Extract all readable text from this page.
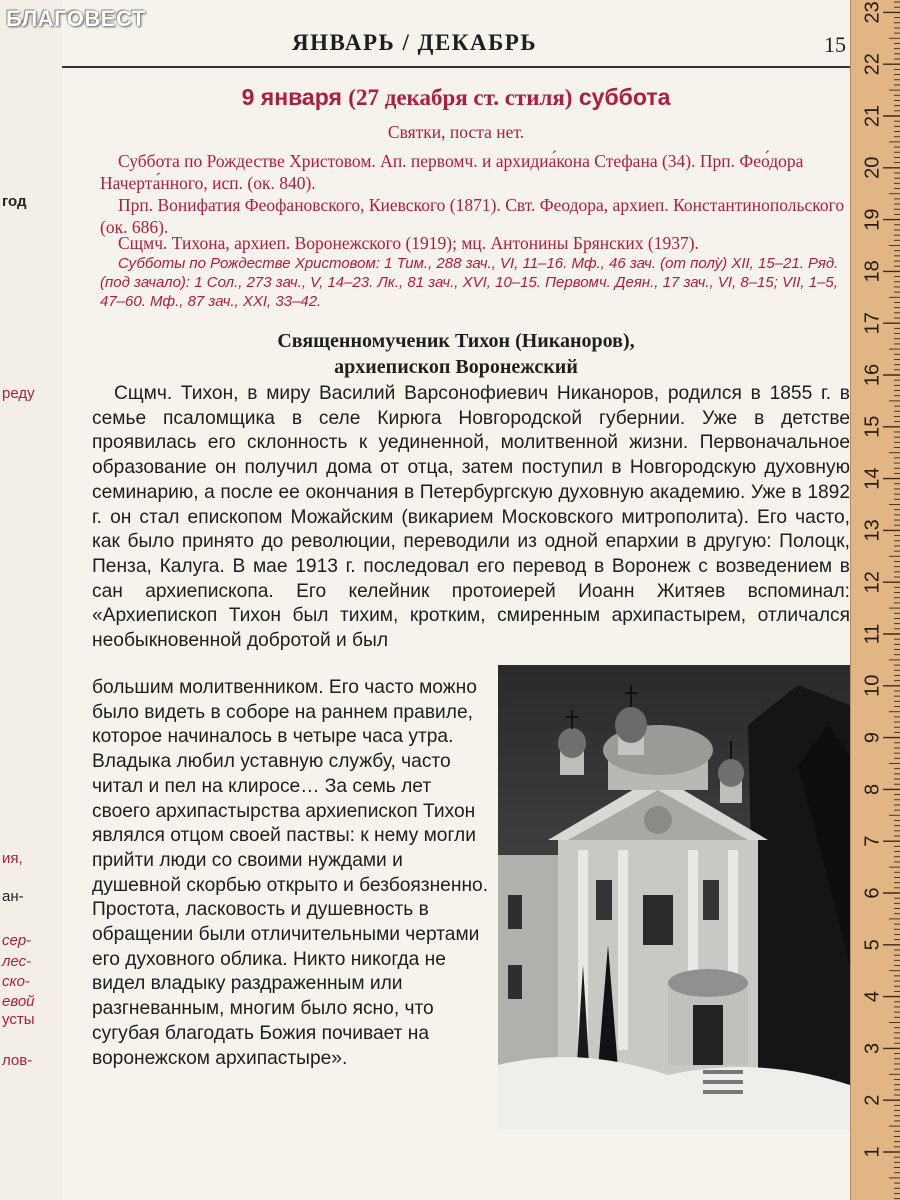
год
реду
ия,
ан-
сер-
лес-
ско-
евой
усты
лов-
ЯНВАРЬ / ДЕКАБРЬ	15
9 января (27 декабря ст. стиля) суббота
Святки, поста нет.
Суббота по Рождестве Христовом. Ап. первомч. и архидиа́кона Стефана (34). Прп. Фео́дора Начерта́нного, исп. (ок. 840).
Прп. Вонифатия Феофановского, Киевского (1871). Свт. Феодора, архиеп. Константинопольского (ок. 686).
Сщмч. Тихона, архиеп. Воронежского (1919); мц. Антонины Брянских (1937).
Субботы по Рождестве Христовом: 1 Тим., 288 зач., VI, 11–16. Мф., 46 зач. (от полу̀) XII, 15–21. Ряд. (под зачало): 1 Сол., 273 зач., V, 14–23. Лк., 81 зач., XVI, 10–15. Первомч. Деян., 17 зач., VI, 8–15; VII, 1–5, 47–60. Мф., 87 зач., XXI, 33–42.
Священномученик Тихон (Никаноров),
архиепископ Воронежский
Сщмч. Тихон, в миру Василий Варсонофиевич Никаноров, родился в 1855 г. в семье псаломщика в селе Кирюга Новгородской губернии. Уже в детстве проявилась его склонность к уединенной, молитвенной жизни. Первоначальное образование он получил дома от отца, затем поступил в Новгородскую духовную семинарию, а после ее окончания в Петербургскую духовную академию. Уже в 1892 г. он стал епископом Можайским (викарием Московского митрополита). Его часто, как было принято до революции, переводили из одной епархии в другую: Полоцк, Пенза, Калуга. В мае 1913 г. последовал его перевод в Воронеж с возведением в сан архиепископа. Его келейник протоиерей Иоанн Житяев вспоминал: «Архиепископ Тихон был тихим, кротким, смиренным архипастырем, отличался необыкновенной добротой и был
большим молитвенником. Его часто можно было видеть в соборе на раннем правиле, которое начиналось в четыре часа утра. Владыка любил уставную службу, часто читал и пел на клиросе… За семь лет своего архипастырства архиепископ Тихон являлся отцом своей паствы: к нему могли прийти люди со своими нуждами и душевной скорбью открыто и безбоязненно. Простота, ласковость и душевность в обращении были отличительными чертами его духовного облика. Никто никогда не видел владыку раздраженным или разгневанным, многим было ясно, что сугубая благодать Божия почивает на воронежском архипастыре».
БЛАГОВЕСТ
1
2
3
4
5
6
7
8
9
10
11
12
13
14
15
16
17
18
19
20
21
22
23
